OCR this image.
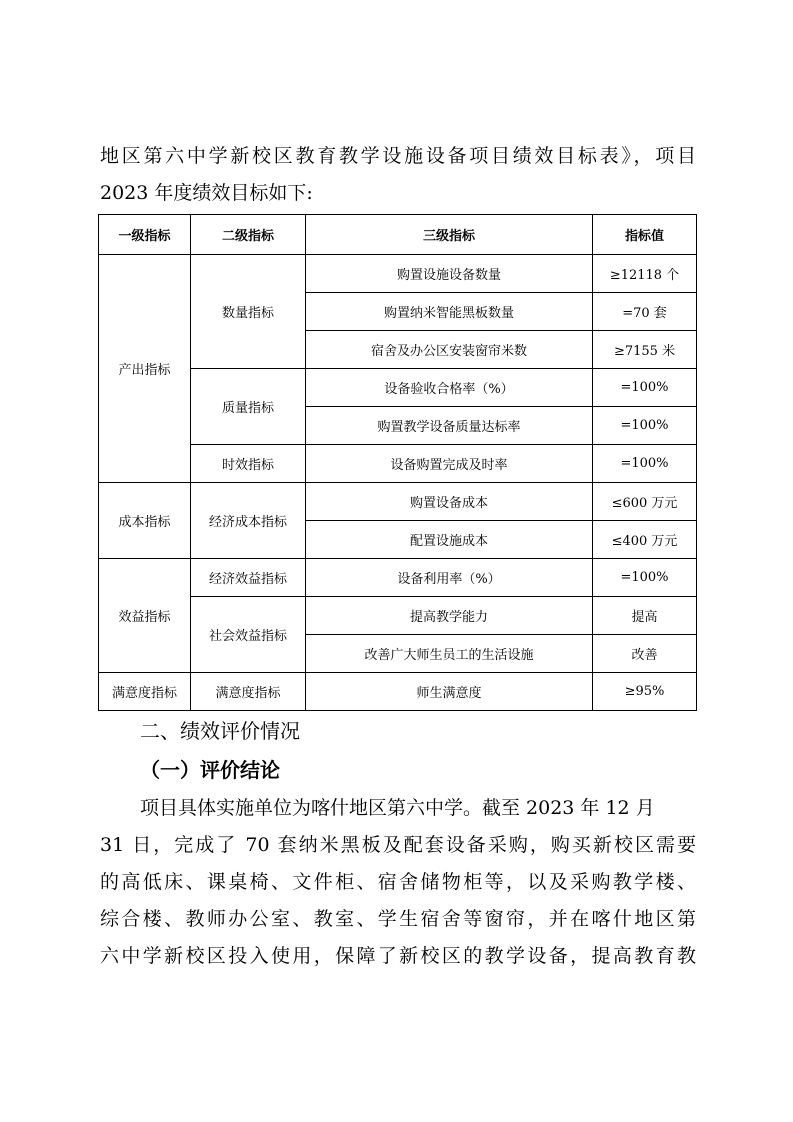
地区第六中学新校区教育教学设施设备项目绩效目标表》，项目
2023 年度绩效目标如下:
一级指标	二级指标	三级指标	指标值
产出指标	数量指标	购置设施设备数量	≥12118 个
		购置纳米智能黑板数量	=70 套
		宿舍及办公区安装窗帘米数	≥7155 米
	质量指标	设备验收合格率（%）	=100%
		购置教学设备质量达标率	=100%
	时效指标	设备购置完成及时率	=100%
成本指标	经济成本指标	购置设备成本	≤600 万元
		配置设施成本	≤400 万元
效益指标	经济效益指标	设备利用率（%）	=100%
	社会效益指标	提高教学能力	提高
		改善广大师生员工的生活设施	改善
满意度指标	满意度指标	师生满意度	≥95%
二、绩效评价情况
（一）评价结论
项目具体实施单位为喀什地区第六中学。截至 2023 年 12 月
31 日，完成了 70 套纳米黑板及配套设备采购，购买新校区需要
的高低床、课桌椅、文件柜、宿舍储物柜等，以及采购教学楼、
综合楼、教师办公室、教室、学生宿舍等窗帘，并在喀什地区第
六中学新校区投入使用，保障了新校区的教学设备，提高教育教
